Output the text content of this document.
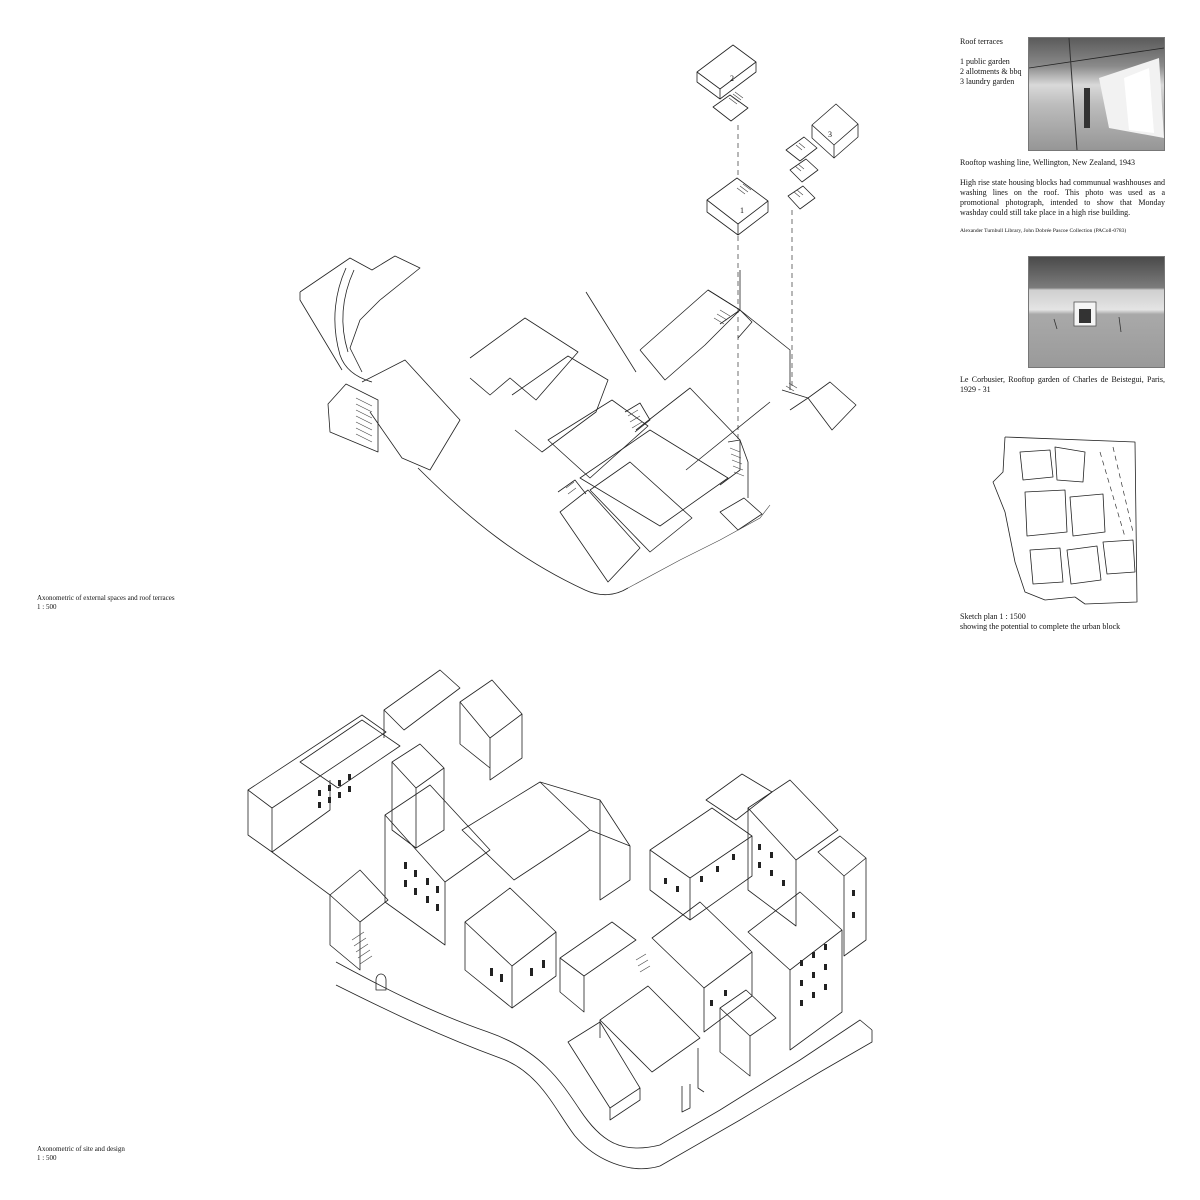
2
3
1

Axonometric of external spaces and roof terraces

1 : 500

Axonometric of site and design

1 : 500

Roof terraces

1 public garden

2 allotments & bbq

3 laundry garden

Rooftop washing line, Wellington, New Zealand, 1943

High rise state housing blocks had communual washhouses and washing lines on the roof. This photo was used as a promotional photograph, intended to show that Monday washday could still take place in a high rise building.

Alexander Turnbull Library, John Dobrée Pascoe Collection (PAColl-0783)

Le Corbusier, Rooftop garden of Charles de Beistegui, Paris, 1929 - 31

Sketch plan 1 : 1500

showing the potential to complete the urban block
